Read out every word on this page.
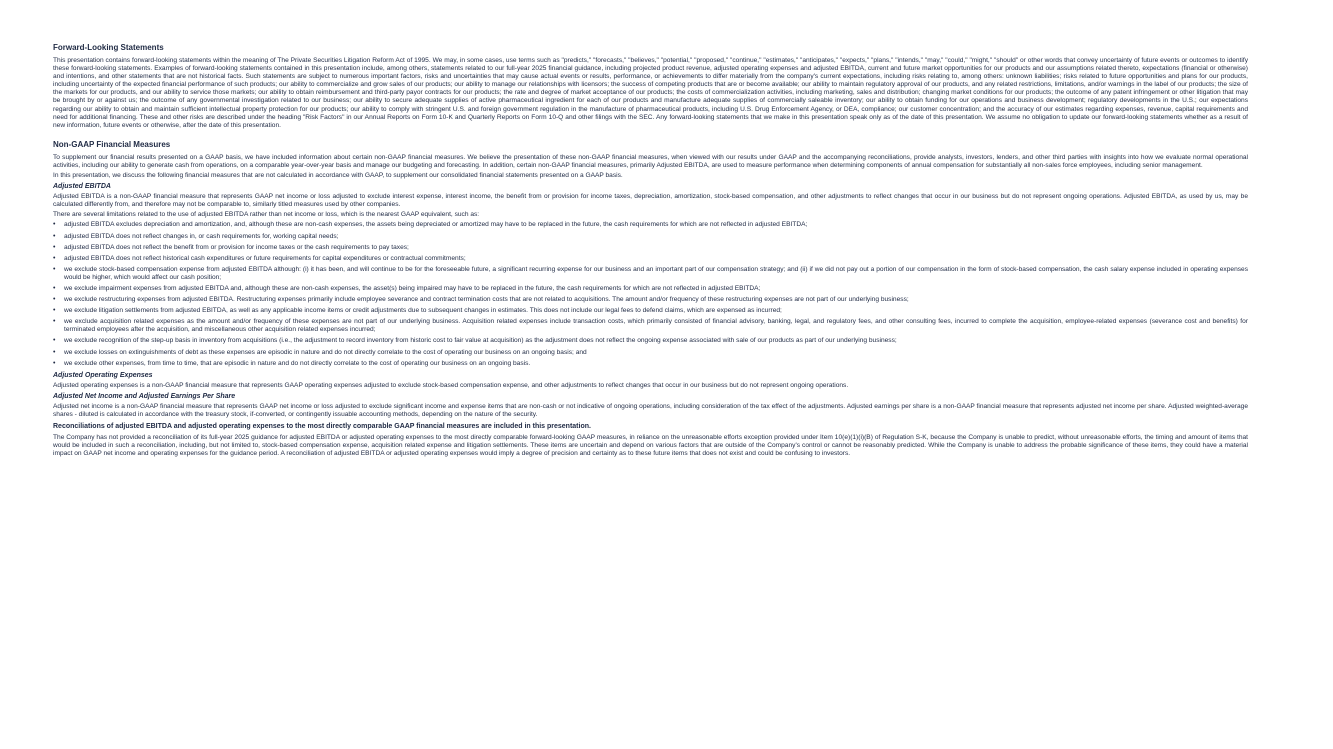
Forward-Looking Statements

This presentation contains forward-looking statements within the meaning of The Private Securities Litigation Reform Act of 1995. We may, in some cases, use terms such as "predicts," "forecasts," "believes," "potential," "proposed," "continue," "estimates," "anticipates," "expects," "plans," "intends," "may," "could," "might," "should" or other words that convey uncertainty of future events or outcomes to identify these forward-looking statements. Examples of forward-looking statements contained in this presentation include, among others, statements related to our full-year 2025 financial guidance, including projected product revenue, adjusted operating expenses and adjusted EBITDA, current and future market opportunities for our products and our assumptions related thereto, expectations (financial or otherwise) and intentions, and other statements that are not historical facts. Such statements are subject to numerous important factors, risks and uncertainties that may cause actual events or results, performance, or achievements to differ materially from the company's current expectations, including risks relating to, among others: unknown liabilities; risks related to future opportunities and plans for our products, including uncertainty of the expected financial performance of such products; our ability to commercialize and grow sales of our products; our ability to manage our relationships with licensors; the success of competing products that are or become available; our ability to maintain regulatory approval of our products, and any related restrictions, limitations, and/or warnings in the label of our products; the size of the markets for our products, and our ability to service those markets; our ability to obtain reimbursement and third-party payor contracts for our products; the rate and degree of market acceptance of our products; the costs of commercialization activities, including marketing, sales and distribution; changing market conditions for our products; the outcome of any patent infringement or other litigation that may be brought by or against us; the outcome of any governmental investigation related to our business; our ability to secure adequate supplies of active pharmaceutical ingredient for each of our products and manufacture adequate supplies of commercially saleable inventory; our ability to obtain funding for our operations and business development; regulatory developments in the U.S.; our expectations regarding our ability to obtain and maintain sufficient intellectual property protection for our products; our ability to comply with stringent U.S. and foreign government regulation in the manufacture of pharmaceutical products, including U.S. Drug Enforcement Agency, or DEA, compliance; our customer concentration; and the accuracy of our estimates regarding expenses, revenue, capital requirements and need for additional financing. These and other risks are described under the heading "Risk Factors" in our Annual Reports on Form 10-K and Quarterly Reports on Form 10-Q and other filings with the SEC. Any forward-looking statements that we make in this presentation speak only as of the date of this presentation. We assume no obligation to update our forward-looking statements whether as a result of new information, future events or otherwise, after the date of this presentation.

Non-GAAP Financial Measures

To supplement our financial results presented on a GAAP basis, we have included information about certain non-GAAP financial measures. We believe the presentation of these non-GAAP financial measures, when viewed with our results under GAAP and the accompanying reconciliations, provide analysts, investors, lenders, and other third parties with insights into how we evaluate normal operational activities, including our ability to generate cash from operations, on a comparable year-over-year basis and manage our budgeting and forecasting. In addition, certain non-GAAP financial measures, primarily Adjusted EBITDA, are used to measure performance when determining components of annual compensation for substantially all non-sales force employees, including senior management.

In this presentation, we discuss the following financial measures that are not calculated in accordance with GAAP, to supplement our consolidated financial statements presented on a GAAP basis.

Adjusted EBITDA

Adjusted EBITDA is a non-GAAP financial measure that represents GAAP net income or loss adjusted to exclude interest expense, interest income, the benefit from or provision for income taxes, depreciation, amortization, stock-based compensation, and other adjustments to reflect changes that occur in our business but do not represent ongoing operations. Adjusted EBITDA, as used by us, may be calculated differently from, and therefore may not be comparable to, similarly titled measures used by other companies.

There are several limitations related to the use of adjusted EBITDA rather than net income or loss, which is the nearest GAAP equivalent, such as:

• adjusted EBITDA excludes depreciation and amortization, and, although these are non-cash expenses, the assets being depreciated or amortized may have to be replaced in the future, the cash requirements for which are not reflected in adjusted EBITDA;
• adjusted EBITDA does not reflect changes in, or cash requirements for, working capital needs;
• adjusted EBITDA does not reflect the benefit from or provision for income taxes or the cash requirements to pay taxes;
• adjusted EBITDA does not reflect historical cash expenditures or future requirements for capital expenditures or contractual commitments;
• we exclude stock-based compensation expense from adjusted EBITDA although: (i) it has been, and will continue to be for the foreseeable future, a significant recurring expense for our business and an important part of our compensation strategy; and (ii) if we did not pay out a portion of our compensation in the form of stock-based compensation, the cash salary expense included in operating expenses would be higher, which would affect our cash position;
• we exclude impairment expenses from adjusted EBITDA and, although these are non-cash expenses, the asset(s) being impaired may have to be replaced in the future, the cash requirements for which are not reflected in adjusted EBITDA;
• we exclude restructuring expenses from adjusted EBITDA. Restructuring expenses primarily include employee severance and contract termination costs that are not related to acquisitions. The amount and/or frequency of these restructuring expenses are not part of our underlying business;
• we exclude litigation settlements from adjusted EBITDA, as well as any applicable income items or credit adjustments due to subsequent changes in estimates. This does not include our legal fees to defend claims, which are expensed as incurred;
• we exclude acquisition related expenses as the amount and/or frequency of these expenses are not part of our underlying business. Acquisition related expenses include transaction costs, which primarily consisted of financial advisory, banking, legal, and regulatory fees, and other consulting fees, incurred to complete the acquisition, employee-related expenses (severance cost and benefits) for terminated employees after the acquisition, and miscellaneous other acquisition related expenses incurred;
• we exclude recognition of the step-up basis in inventory from acquisitions (i.e., the adjustment to record inventory from historic cost to fair value at acquisition) as the adjustment does not reflect the ongoing expense associated with sale of our products as part of our underlying business;
• we exclude losses on extinguishments of debt as these expenses are episodic in nature and do not directly correlate to the cost of operating our business on an ongoing basis; and
• we exclude other expenses, from time to time, that are episodic in nature and do not directly correlate to the cost of operating our business on an ongoing basis.
Adjusted Operating Expenses

Adjusted operating expenses is a non-GAAP financial measure that represents GAAP operating expenses adjusted to exclude stock-based compensation expense, and other adjustments to reflect changes that occur in our business but do not represent ongoing operations.

Adjusted Net Income and Adjusted Earnings Per Share

Adjusted net income is a non-GAAP financial measure that represents GAAP net income or loss adjusted to exclude significant income and expense items that are non-cash or not indicative of ongoing operations, including consideration of the tax effect of the adjustments. Adjusted earnings per share is a non-GAAP financial measure that represents adjusted net income per share. Adjusted weighted-average shares - diluted is calculated in accordance with the treasury stock, if-converted, or contingently issuable accounting methods, depending on the nature of the security.

Reconciliations of adjusted EBITDA and adjusted operating expenses to the most directly comparable GAAP financial measures are included in this presentation.

The Company has not provided a reconciliation of its full-year 2025 guidance for adjusted EBITDA or adjusted operating expenses to the most directly comparable forward-looking GAAP measures, in reliance on the unreasonable efforts exception provided under Item 10(e)(1)(i)(B) of Regulation S-K, because the Company is unable to predict, without unreasonable efforts, the timing and amount of items that would be included in such a reconciliation, including, but not limited to, stock-based compensation expense, acquisition related expense and litigation settlements. These items are uncertain and depend on various factors that are outside of the Company's control or cannot be reasonably predicted. While the Company is unable to address the probable significance of these items, they could have a material impact on GAAP net income and operating expenses for the guidance period. A reconciliation of adjusted EBITDA or adjusted operating expenses would imply a degree of precision and certainty as to these future items that does not exist and could be confusing to investors.
